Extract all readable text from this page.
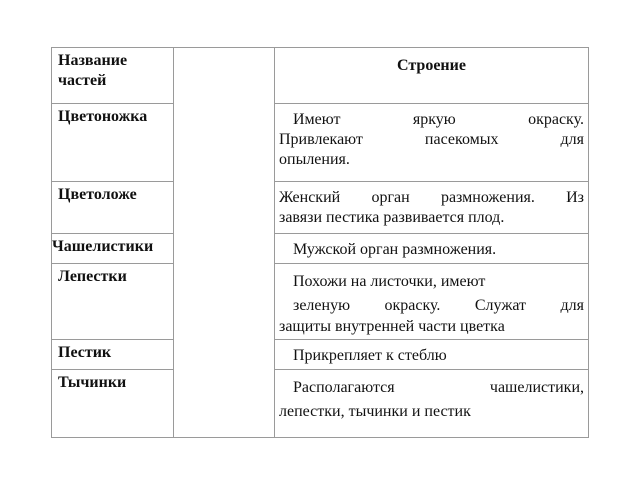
Название частей		Строение
Цветоножка		Имеют яркую окраску.
Привлекают пасекомых для
опыления.

Цветоложе		Женский орган размножения. Из
завязи пестика развивается плод.

Чашелистики		Мужской орган размножения.

Лепестки		Похожи на листочки, имеют
зеленую окраску. Служат для
защиты внутренней части цветка

Пестик		Прикрепляет к стеблю

Тычинки		Располагаются чашелистики,
лепестки, тычинки и пестик
